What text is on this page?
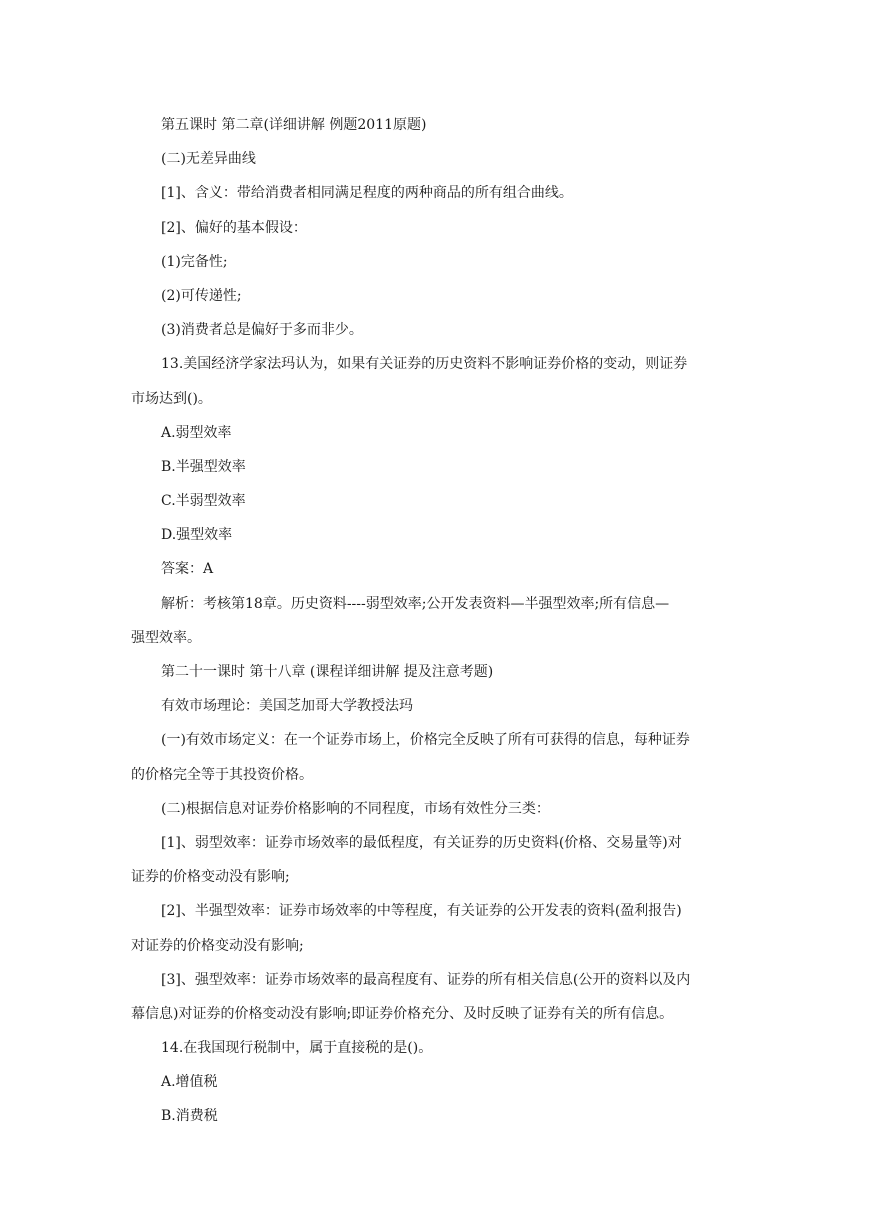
第五课时 第二章(详细讲解 例题2011原题)
(二)无差异曲线
[1]、含义：带给消费者相同满足程度的两种商品的所有组合曲线。
[2]、偏好的基本假设：
(1)完备性;
(2)可传递性;
(3)消费者总是偏好于多而非少。
13.美国经济学家法玛认为，如果有关证券的历史资料不影响证券价格的变动，则证券
市场达到()。
A.弱型效率
B.半强型效率
C.半弱型效率
D.强型效率
答案：A
解析：考核第18章。历史资料----弱型效率;公开发表资料—半强型效率;所有信息—
强型效率。
第二十一课时 第十八章 (课程详细讲解 提及注意考题)
有效市场理论：美国芝加哥大学教授法玛
(一)有效市场定义：在一个证券市场上，价格完全反映了所有可获得的信息，每种证券
的价格完全等于其投资价格。
(二)根据信息对证券价格影响的不同程度，市场有效性分三类：
[1]、弱型效率：证券市场效率的最低程度，有关证券的历史资料(价格、交易量等)对
证券的价格变动没有影响;
[2]、半强型效率：证券市场效率的中等程度，有关证券的公开发表的资料(盈利报告)
对证券的价格变动没有影响;
[3]、强型效率：证券市场效率的最高程度有、证券的所有相关信息(公开的资料以及内
幕信息)对证券的价格变动没有影响;即证券价格充分、及时反映了证券有关的所有信息。
14.在我国现行税制中，属于直接税的是()。
A.增值税
B.消费税
